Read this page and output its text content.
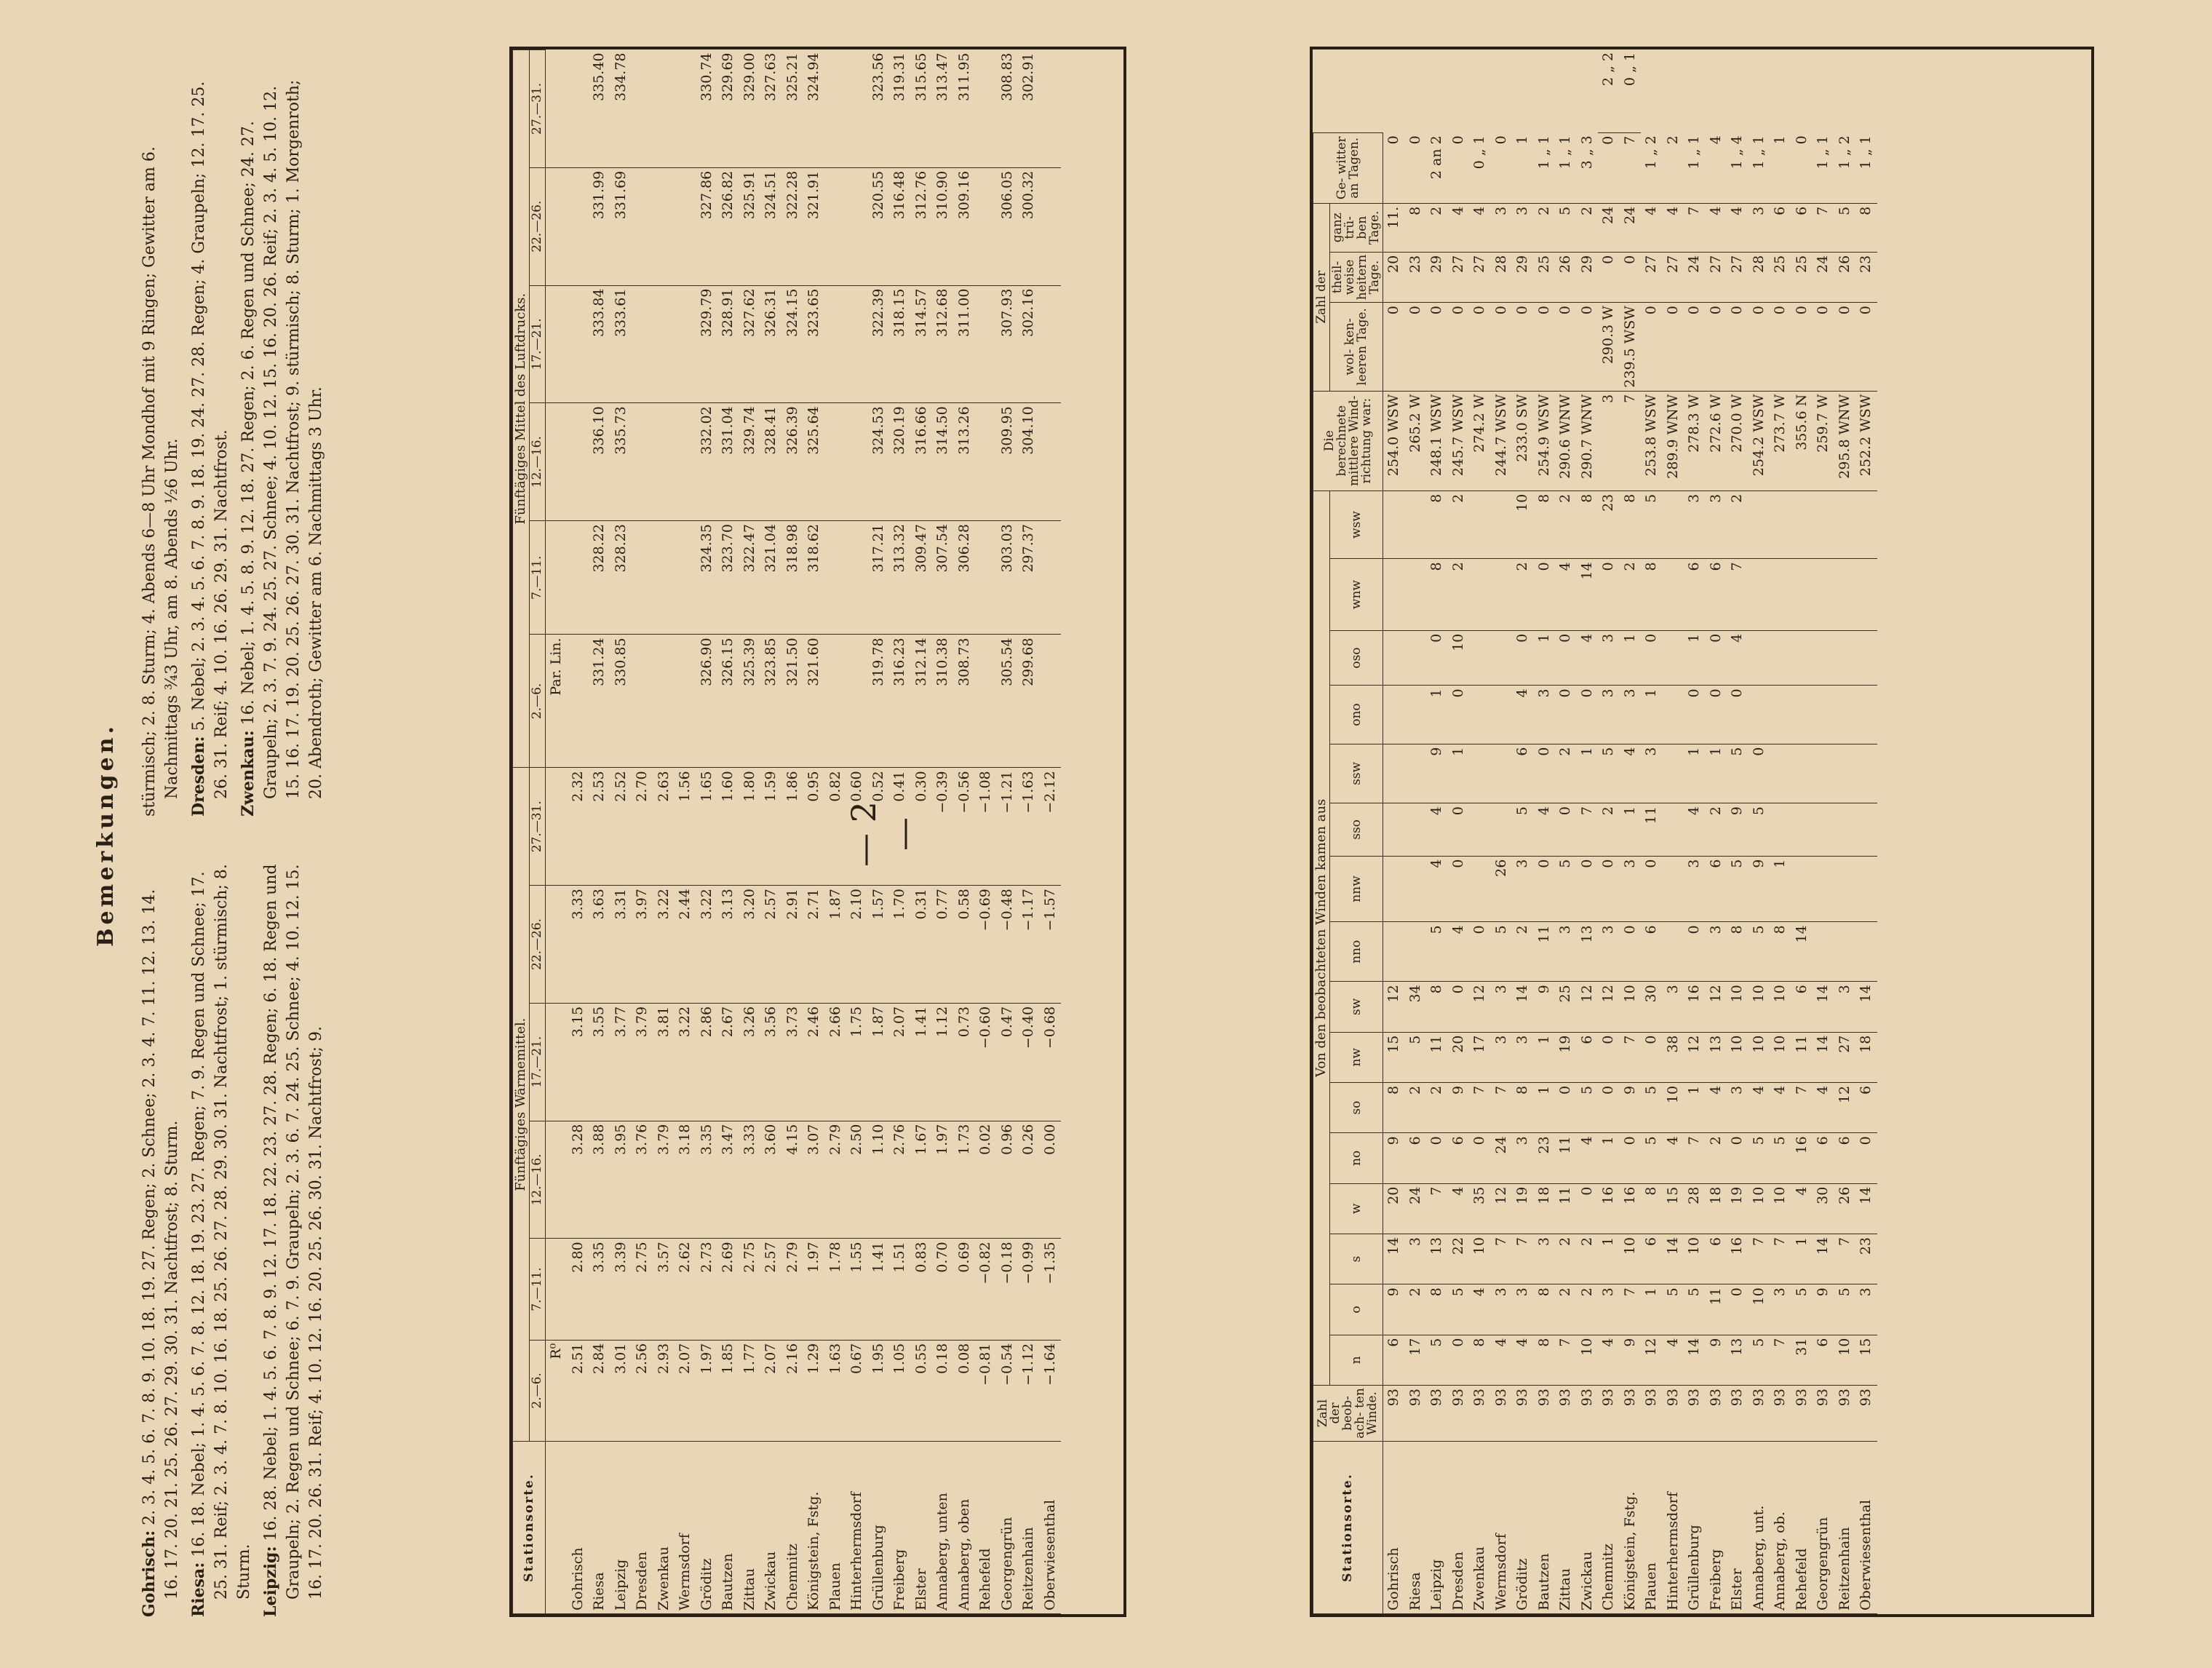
— 2 —
Stationsorte.	Zahl der beob- ach- ten Winde.	Von den beobachteten Winden kamen aus																Die berechnete mittlere Wind- richtung war:	Zahl der			Ge- witter an Tagen.	
		n	o	s	w	no	so	nw	sw	nno	nnw	sso	ssw	ono	oso	wnw	wsw		wol- ken- leeren Tage.	theil- weise heitern Tage.	ganz trü- ben Tage.		
Gohrisch	93	6	9	14	20	9	8	15	12									254.0 WSW	0	20	11.	0	
Riesa	93	17	2	3	24	6	2	5	34									265.2 W	0	23	8	0	
Leipzig	93	5	8	13	7	0	2	11	8	5	4	4	9	1	0	8	8	248.1 WSW	0	29	2	2 an 2	
Dresden	93	0	5	22	4	6	9	20	0	4	0	0	1	0	10	2	2	245.7 WSW	0	27	4	0	
Zwenkau	93	8	4	10	35	0	7	17	12	0								274.2 W	0	27	4	0 „ 1	
Wermsdorf	93	4	3	7	12	24	7	3	3	5	26							244.7 WSW	0	28	3	0	
Gröditz	93	4	3	7	19	3	8	3	14	2	3	5	6	4	0	2	10	233.0 SW	0	29	3	1	
Bautzen	93	8	8	3	18	23	1	1	9	11	0	4	0	3	1	0	8	254.9 WSW	0	25	2	1 „ 1	
Zittau	93	7	2	2	11	11	0	19	25	3	5	0	2	0	0	4	2	290.6 WNW	0	26	5	1 „ 1	
Zwickau	93	10	2	2	0	4	5	6	12	13	0	7	1	0	4	14	8	290.7 WNW	0	29	2	3 „ 3	
Chemnitz	93	4	3	1	16	1	0	0	12	3	0	2	5	3	3	0	23	3	290.3 W	0	24	0	2 „ 2
Königstein, Fstg.	93	9	7	10	16	0	9	7	10	0	3	1	4	3	1	2	8	7	239.5 WSW	0	24	7	0 „ 1
Plauen	93	12	1	6	8	5	5	0	30	6	0	11	3	1	0	8	5	253.8 WSW	0	27	4	1 „ 2	
Hinterhermsdorf	93	4	5	14	15	4	10	38	3									289.9 WNW	0	27	4	2	
Grüllenburg	93	14	5	10	28	7	1	12	16	0	3	4	1	0	1	6	3	278.3 W	0	24	7	1 „ 1	
Freiberg	93	9	11	6	18	2	4	13	12	3	6	2	1	0	0	6	3	272.6 W	0	27	4	4	
Elster	93	13	0	16	19	0	3	10	10	8	5	9	5	0	4	7	2	270.0 W	0	27	4	1 „ 4	
Annaberg, unt.	93	5	10	7	10	5	4	10	10	5	9	5	0					254.2 WSW	0	28	3	1 „ 1	
Annaberg, ob.	93	7	3	7	10	5	4	10	10	8	1							273.7 W	0	25	6	1	
Rehefeld	93	31	5	1	4	16	7	11	6	14								355.6 N	0	25	6	0	
Georgengrün	93	6	9	14	30	6	4	14	14									259.7 W	0	24	7	1 „ 1	
Reitzenhain	93	10	5	7	26	6	12	27	3									295.8 WNW	0	26	5	1 „ 2	
Oberwiesenthal	93	15	3	23	14	0	6	18	14									252.2 WSW	0	23	8	1 „ 1	
Stationsorte.	Fünftägiges Wärmemittel.						Fünftägiges Mittel des Luftdrucks.					
	2.—6.	7.—11.	12.—16.	17.—21.	22.—26.	27.—31.	2.—6.	7.—11.	12.—16.	17.—21.	22.—26.	27.—31.
	R⁰						Par. Lin.					
Gohrisch	2.51	2.80	3.28	3.15	3.33	2.32						
Riesa	2.84	3.35	3.88	3.55	3.63	2.53	331.24	328.22	336.10	333.84	331.99	335.40
Leipzig	3.01	3.39	3.95	3.77	3.31	2.52	330.85	328.23	335.73	333.61	331.69	334.78
Dresden	2.56	2.75	3.76	3.79	3.97	2.70						
Zwenkau	2.93	3.57	3.79	3.81	3.22	2.63						
Wermsdorf	2.07	2.62	3.18	3.22	2.44	1.56						
Gröditz	1.97	2.73	3.35	2.86	3.22	1.65	326.90	324.35	332.02	329.79	327.86	330.74
Bautzen	1.85	2.69	3.47	2.67	3.13	1.60	326.15	323.70	331.04	328.91	326.82	329.69
Zittau	1.77	2.75	3.33	3.26	3.20	1.80	325.39	322.47	329.74	327.62	325.91	329.00
Zwickau	2.07	2.57	3.60	3.56	2.57	1.59	323.85	321.04	328.41	326.31	324.51	327.63
Chemnitz	2.16	2.79	4.15	3.73	2.91	1.86	321.50	318.98	326.39	324.15	322.28	325.21
Königstein, Fstg.	1.29	1.97	3.07	2.46	2.71	0.95	321.60	318.62	325.64	323.65	321.91	324.94
Plauen	1.63	1.78	2.79	2.66	1.87	0.82						
Hinterhermsdorf	0.67	1.55	2.50	1.75	2.10	0.60						
Grüllenburg	1.95	1.41	1.10	1.87	1.57	0.52	319.78	317.21	324.53	322.39	320.55	323.56
Freiberg	1.05	1.51	2.76	2.07	1.70	0.41	316.23	313.32	320.19	318.15	316.48	319.31
Elster	0.55	0.83	1.67	1.41	0.31	0.30	312.14	309.47	316.66	314.57	312.76	315.65
Annaberg, unten	0.18	0.70	1.97	1.12	0.77	−0.39	310.38	307.54	314.50	312.68	310.90	313.47
Annaberg, oben	0.08	0.69	1.73	0.73	0.58	−0.56	308.73	306.28	313.26	311.00	309.16	311.95
Rehefeld	−0.81	−0.82	0.02	−0.60	−0.69	−1.08						
Georgengrün	−0.54	−0.18	0.96	0.47	−0.48	−1.21	305.54	303.03	309.95	307.93	306.05	308.83
Reitzenhain	−1.12	−0.99	0.26	−0.40	−1.17	−1.63	299.68	297.37	304.10	302.16	300.32	302.91
Oberwiesenthal	−1.64	−1.35	0.00	−0.68	−1.57	−2.12						
Bemerkungen.

Gohrisch: 2. 3. 4. 5. 6. 7. 8. 9. 10. 18. 19. 27. Regen; 2. Schnee; 2. 3. 4. 7. 11. 12. 13. 14. 16. 17. 20. 21. 25. 26. 27. 29. 30. 31. Nachtfrost; 8. Sturm. Riesa: 16. 18. Nebel; 1. 4. 5. 6. 7. 8. 12. 18. 19. 23. 27. Regen; 7. 9. Regen und Schnee; 17. 25. 31. Reif; 2. 3. 4. 7. 8. 10. 16. 18. 25. 26. 27. 28. 29. 30. 31. Nachtfrost; 1. stürmisch; 8. Sturm. Leipzig: 16. 28. Nebel; 1. 4. 5. 6. 7. 8. 9. 12. 17. 18. 22. 23. 27. 28. Regen; 6. 18. Regen und Graupeln; 2. Regen und Schnee; 6. 7. 9. Graupeln; 2. 3. 6. 7. 24. 25. Schnee; 4. 10. 12. 15. 16. 17. 20. 26. 31. Reif; 4. 10. 12. 16. 20. 25. 26. 30. 31. Nachtfrost; 9.

stürmisch; 2. 8. Sturm; 4. Abends 6—8 Uhr Mondhof mit 9 Ringen; Gewitter am 6. Nachmittags ¾3 Uhr, am 8. Abends ½6 Uhr. Dresden: 5. Nebel; 2. 3. 4. 5. 6. 7. 8. 9. 18. 19. 24. 27. 28. Regen; 4. Graupeln; 12. 17. 25. 26. 31. Reif; 4. 10. 16. 26. 29. 31. Nachtfrost. Zwenkau: 16. Nebel; 1. 4. 5. 8. 9. 12. 18. 27. Regen; 2. 6. Regen und Schnee; 24. 27. Graupeln; 2. 3. 7. 9. 24. 25. 27. Schnee; 4. 10. 12. 15. 16. 20. 26. Reif; 2. 3. 4. 5. 10. 12. 15. 16. 17. 19. 20. 25. 26. 27. 30. 31. Nachtfrost; 9. stürmisch; 8. Sturm; 1. Morgenroth; 20. Abendroth; Gewitter am 6. Nachmittags 3 Uhr.
